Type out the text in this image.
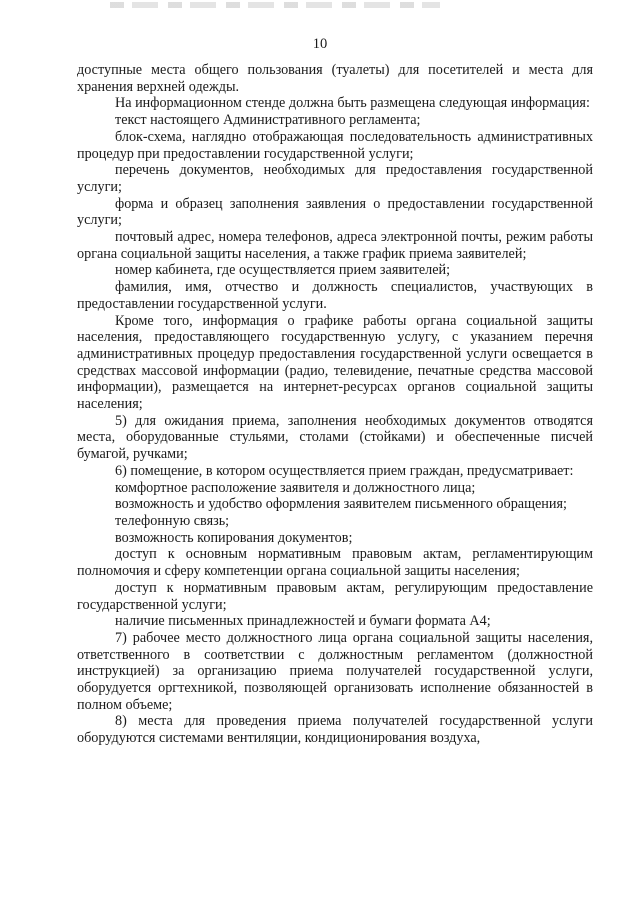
10

доступные места общего пользования (туалеты) для посетителей и места для хранения верхней одежды.

На информационном стенде должна быть размещена следующая информация:

текст настоящего Административного регламента;

блок-схема, наглядно отображающая последовательность административных процедур при предоставлении государственной услуги;

перечень документов, необходимых для предоставления государственной услуги;

форма и образец заполнения заявления о предоставлении государственной услуги;

почтовый адрес, номера телефонов, адреса электронной почты, режим работы органа социальной защиты населения, а также график приема заявителей;

номер кабинета, где осуществляется прием заявителей;

фамилия, имя, отчество и должность специалистов, участвующих в предоставлении государственной услуги.

Кроме того, информация о графике работы органа социальной защиты населения, предоставляющего государственную услугу, с указанием перечня административных процедур предоставления государственной услуги освещается в средствах массовой информации (радио, телевидение, печатные средства массовой информации), размещается на интернет-ресурсах органов социальной защиты населения;

5) для ожидания приема, заполнения необходимых документов отводятся места, оборудованные стульями, столами (стойками) и обеспеченные писчей бумагой, ручками;

6) помещение, в котором осуществляется прием граждан, предусматривает:

комфортное расположение заявителя и должностного лица;

возможность и удобство оформления заявителем письменного обращения;

телефонную связь;

возможность копирования документов;

доступ к основным нормативным правовым актам, регламентирующим полномочия и сферу компетенции органа социальной защиты населения;

доступ к нормативным правовым актам, регулирующим предоставление государственной услуги;

наличие письменных принадлежностей и бумаги формата А4;

7) рабочее место должностного лица органа социальной защиты населения, ответственного в соответствии с должностным регламентом (должностной инструкцией) за организацию приема получателей государственной услуги, оборудуется оргтехникой, позволяющей организовать исполнение обязанностей в полном объеме;

8) места для проведения приема получателей государственной услуги оборудуются системами вентиляции, кондиционирования воздуха,
